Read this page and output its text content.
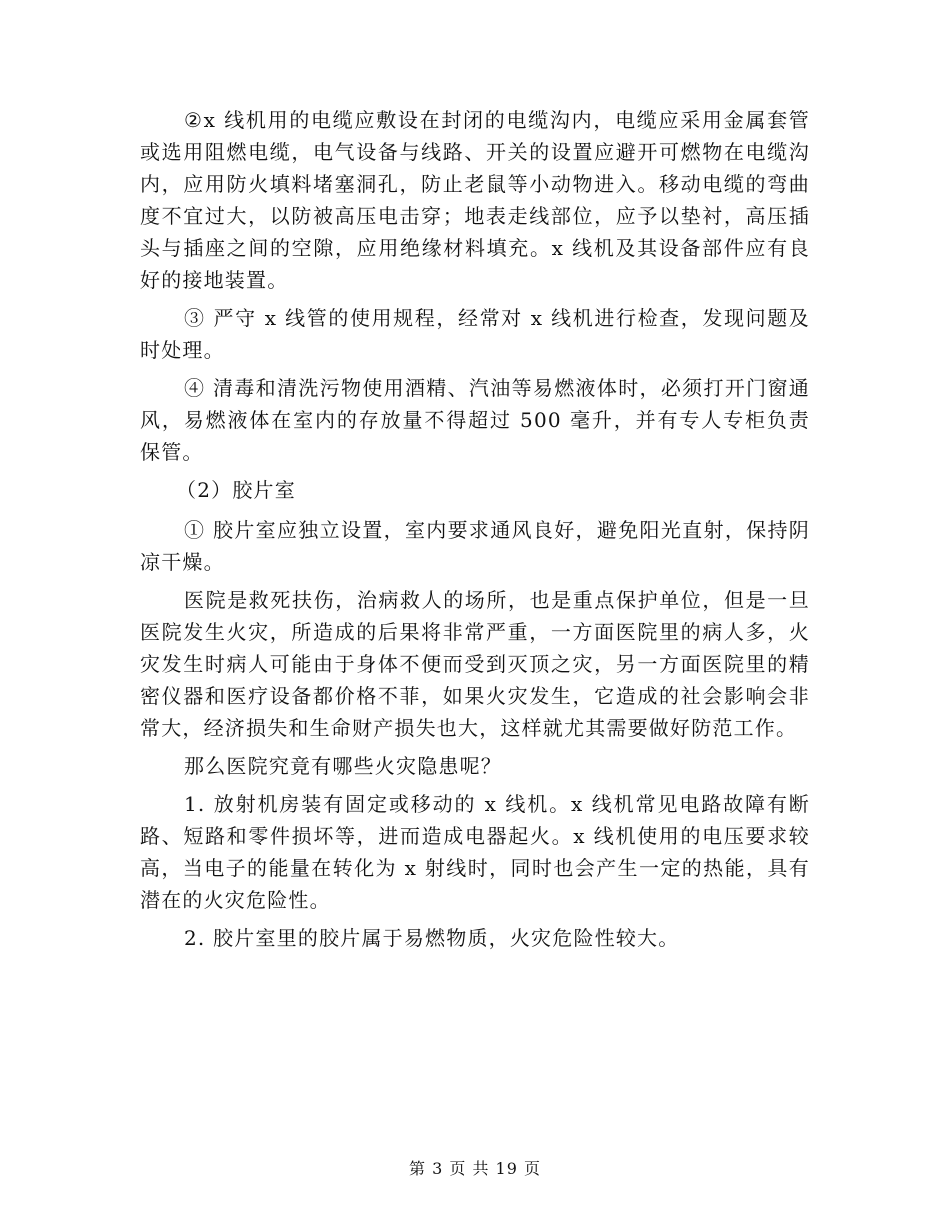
②x 线机用的电缆应敷设在封闭的电缆沟内，电缆应采用金属套管或选用阻燃电缆，电气设备与线路、开关的设置应避开可燃物在电缆沟内，应用防火填料堵塞洞孔，防止老鼠等小动物进入。移动电缆的弯曲度不宜过大，以防被高压电击穿；地表走线部位，应予以垫衬，高压插头与插座之间的空隙，应用绝缘材料填充。x 线机及其设备部件应有良好的接地装置。

③ 严守 x 线管的使用规程，经常对 x 线机进行检查，发现问题及时处理。

④ 清毒和清洗污物使用酒精、汽油等易燃液体时，必须打开门窗通风，易燃液体在室内的存放量不得超过 500 毫升，并有专人专柜负责保管。

（2）胶片室

① 胶片室应独立设置，室内要求通风良好，避免阳光直射，保持阴凉干燥。

医院是救死扶伤，治病救人的场所，也是重点保护单位，但是一旦医院发生火灾，所造成的后果将非常严重，一方面医院里的病人多，火灾发生时病人可能由于身体不便而受到灭顶之灾，另一方面医院里的精密仪器和医疗设备都价格不菲，如果火灾发生，它造成的社会影响会非常大，经济损失和生命财产损失也大，这样就尤其需要做好防范工作。

那么医院究竟有哪些火灾隐患呢？

1. 放射机房装有固定或移动的 x 线机。x 线机常见电路故障有断路、短路和零件损坏等，进而造成电器起火。x 线机使用的电压要求较高，当电子的能量在转化为 x 射线时，同时也会产生一定的热能，具有潜在的火灾危险性。

2. 胶片室里的胶片属于易燃物质，火灾危险性较大。

第 3 页 共 19 页
